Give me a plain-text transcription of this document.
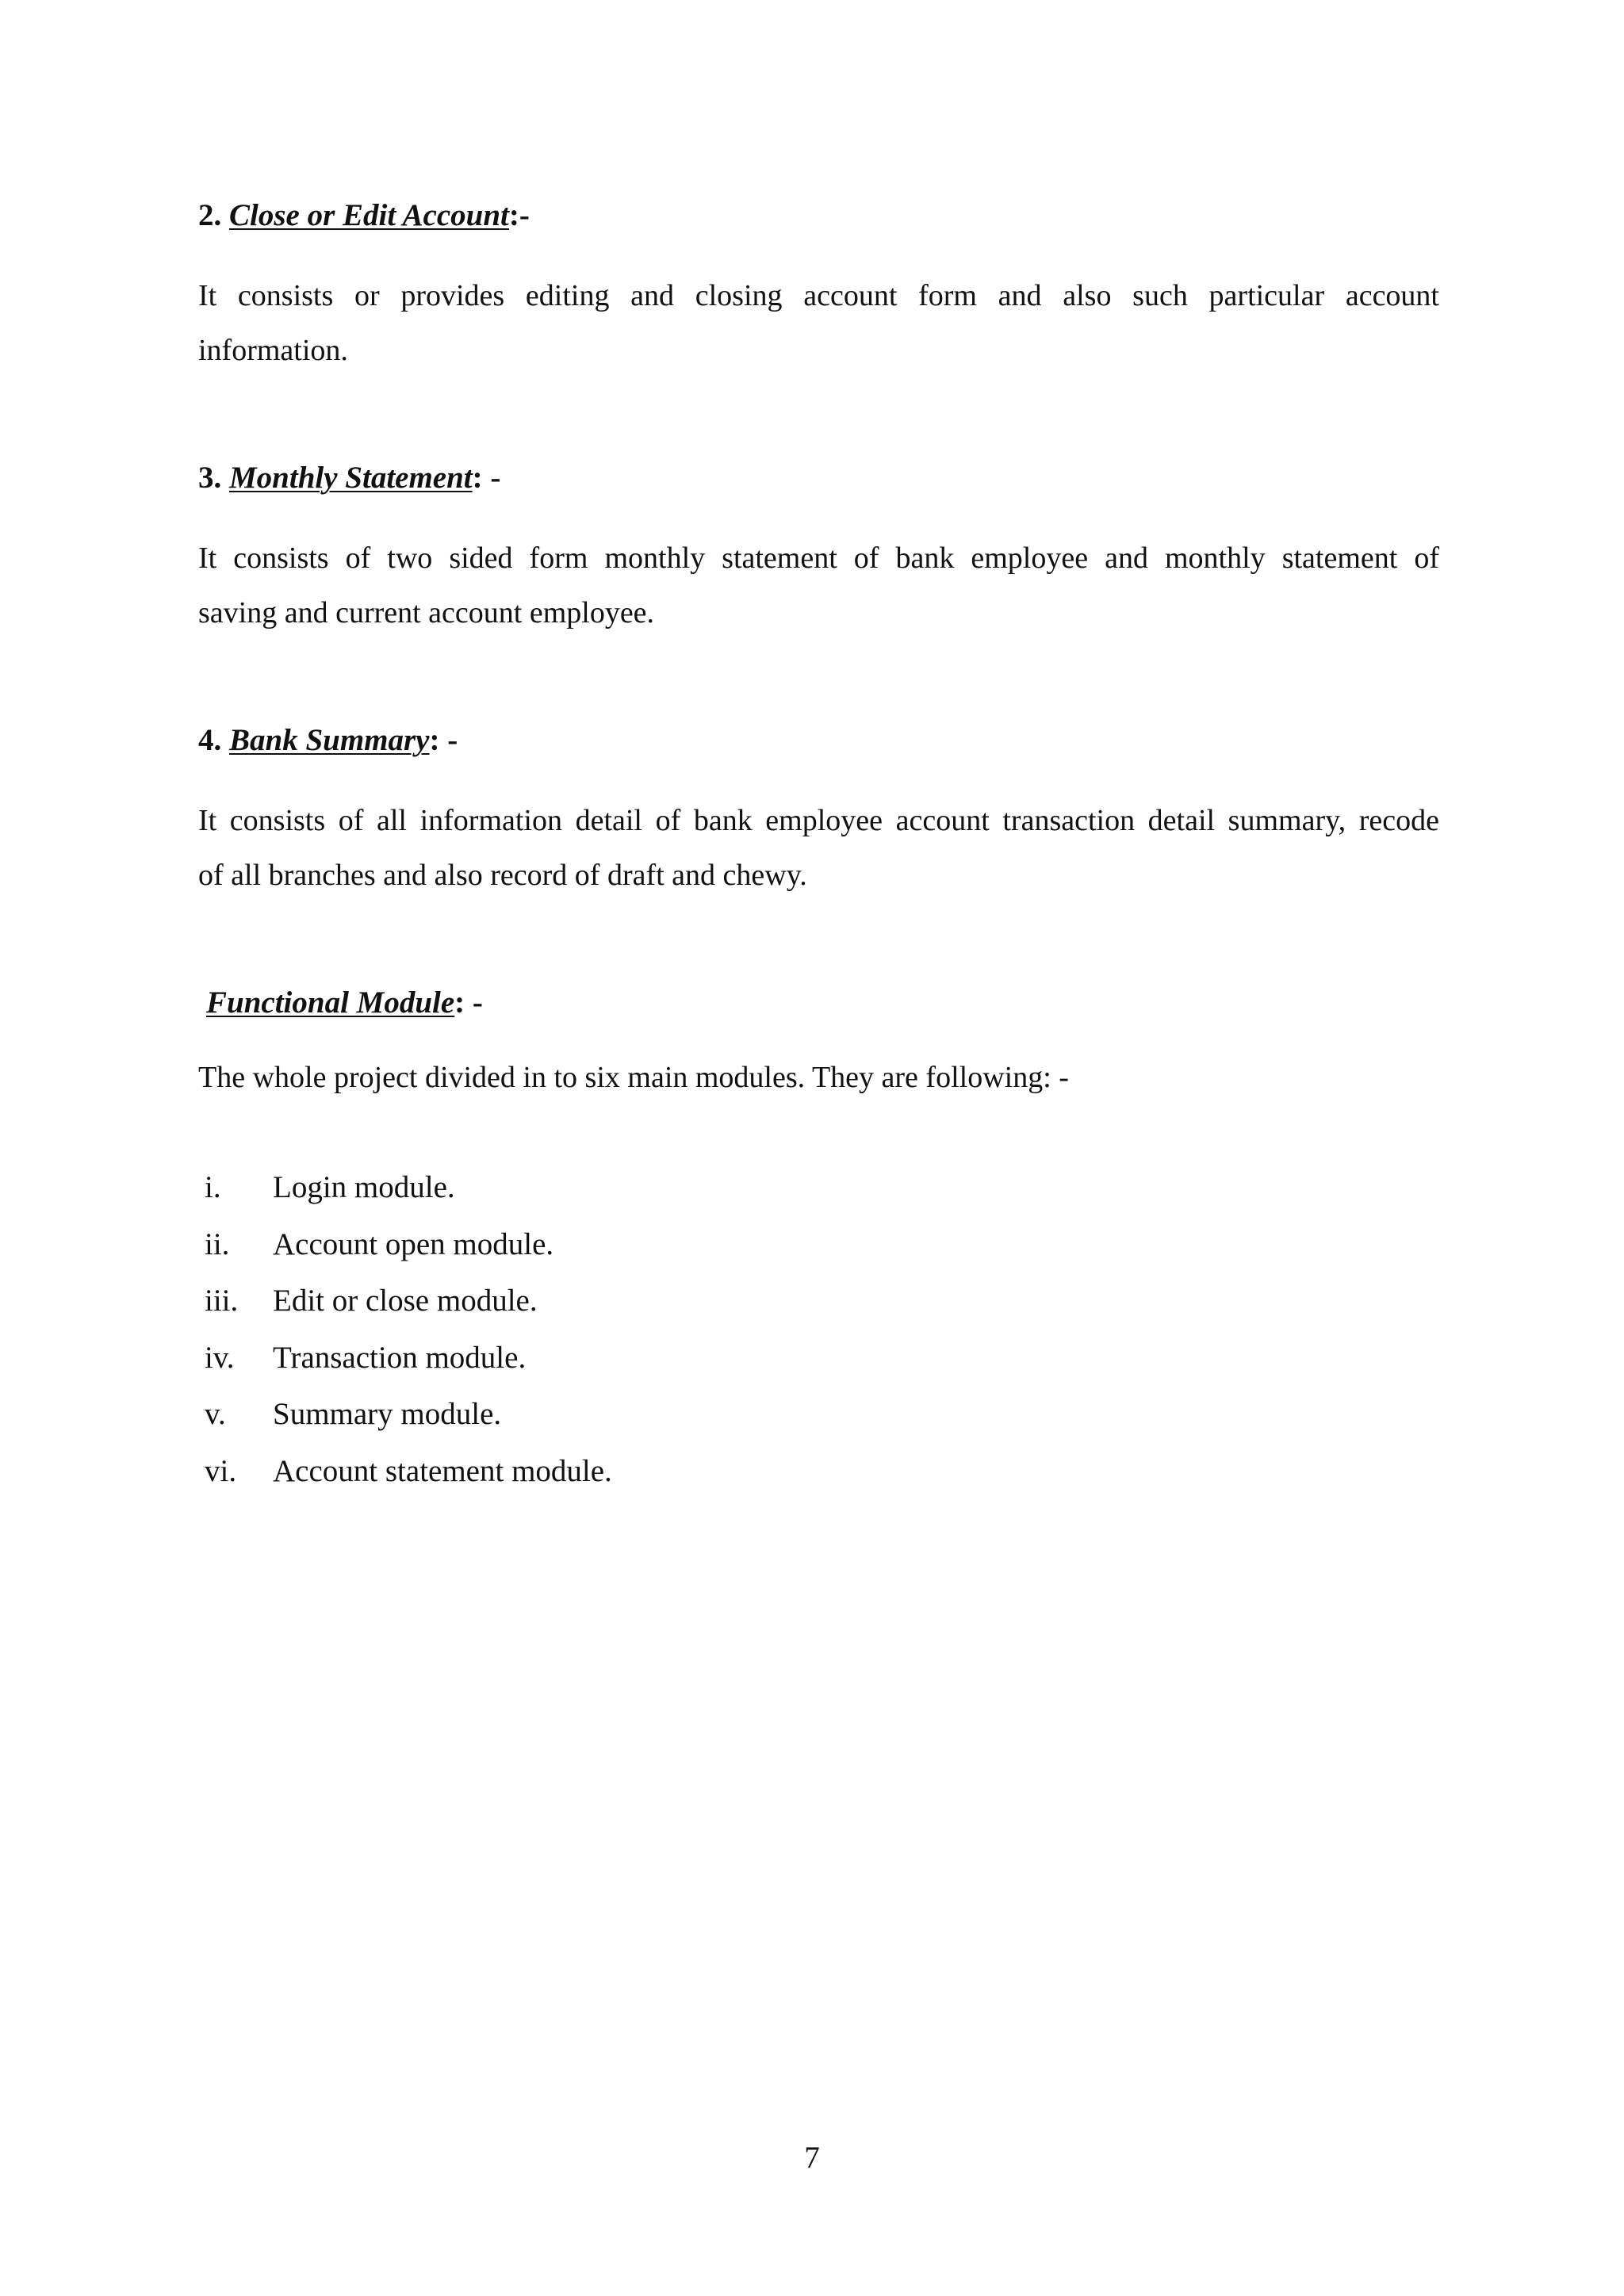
2. Close or Edit Account:-
It consists or provides editing and closing account form and also such particular account
information.
3. Monthly Statement: -
It consists of two sided form monthly statement of bank employee and monthly statement of
saving and current account employee.
4. Bank Summary: -
It consists of all information detail of bank employee account transaction detail summary, recode
of all branches and also record of draft and chewy.
Functional Module: -
The whole project divided in to six main modules. They are following: -
i. Login module.
ii. Account open module.
iii. Edit or close module.
iv. Transaction module.
v. Summary module.
vi. Account statement module.
7
